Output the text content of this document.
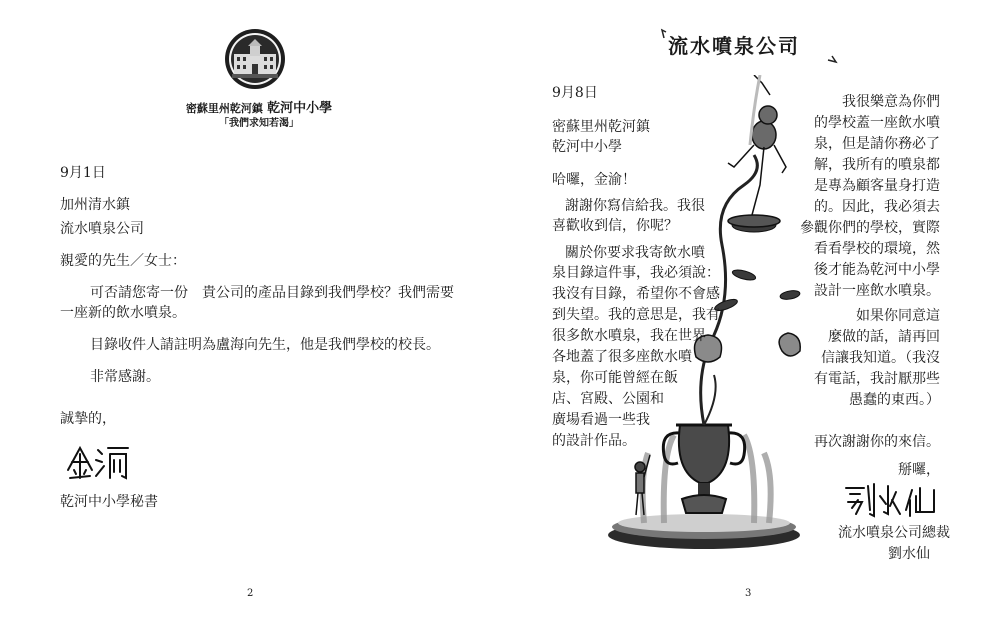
密蘇里州乾河鎮 乾河中小學
「我們求知若渴」
9月1日
加州清水鎮
流水噴泉公司
親愛的先生／女士：
可否請您寄一份　貴公司的產品目錄到我們學校？我們需要
一座新的飲水噴泉。
目錄收件人請註明為盧海向先生，他是我們學校的校長。
非常感謝。
誠摯的，
乾河中小學秘書
2
流水噴泉公司
9月8日
密蘇里州乾河鎮
乾河中小學
哈囉，金渝！
謝謝你寫信給我。我很
喜歡收到信，你呢？
關於你要求我寄飲水噴
泉目錄這件事，我必須說：
我沒有目錄，希望你不會感
到失望。我的意思是，我有
很多飲水噴泉，我在世界
各地蓋了很多座飲水噴
泉，你可能曾經在飯
店、宮殿、公園和
廣場看過一些我
的設計作品。
我很樂意為你們
的學校蓋一座飲水噴
泉，但是請你務必了
解，我所有的噴泉都
是專為顧客量身打造
的。因此，我必須去
參觀你們的學校，實際
看看學校的環境，然
後才能為乾河中小學
設計一座飲水噴泉。
如果你同意這
麼做的話，請再回
信讓我知道。（我沒
有電話，我討厭那些
愚蠢的東西。）
再次謝謝你的來信。
掰囉，
流水噴泉公司總裁
劉水仙
3
